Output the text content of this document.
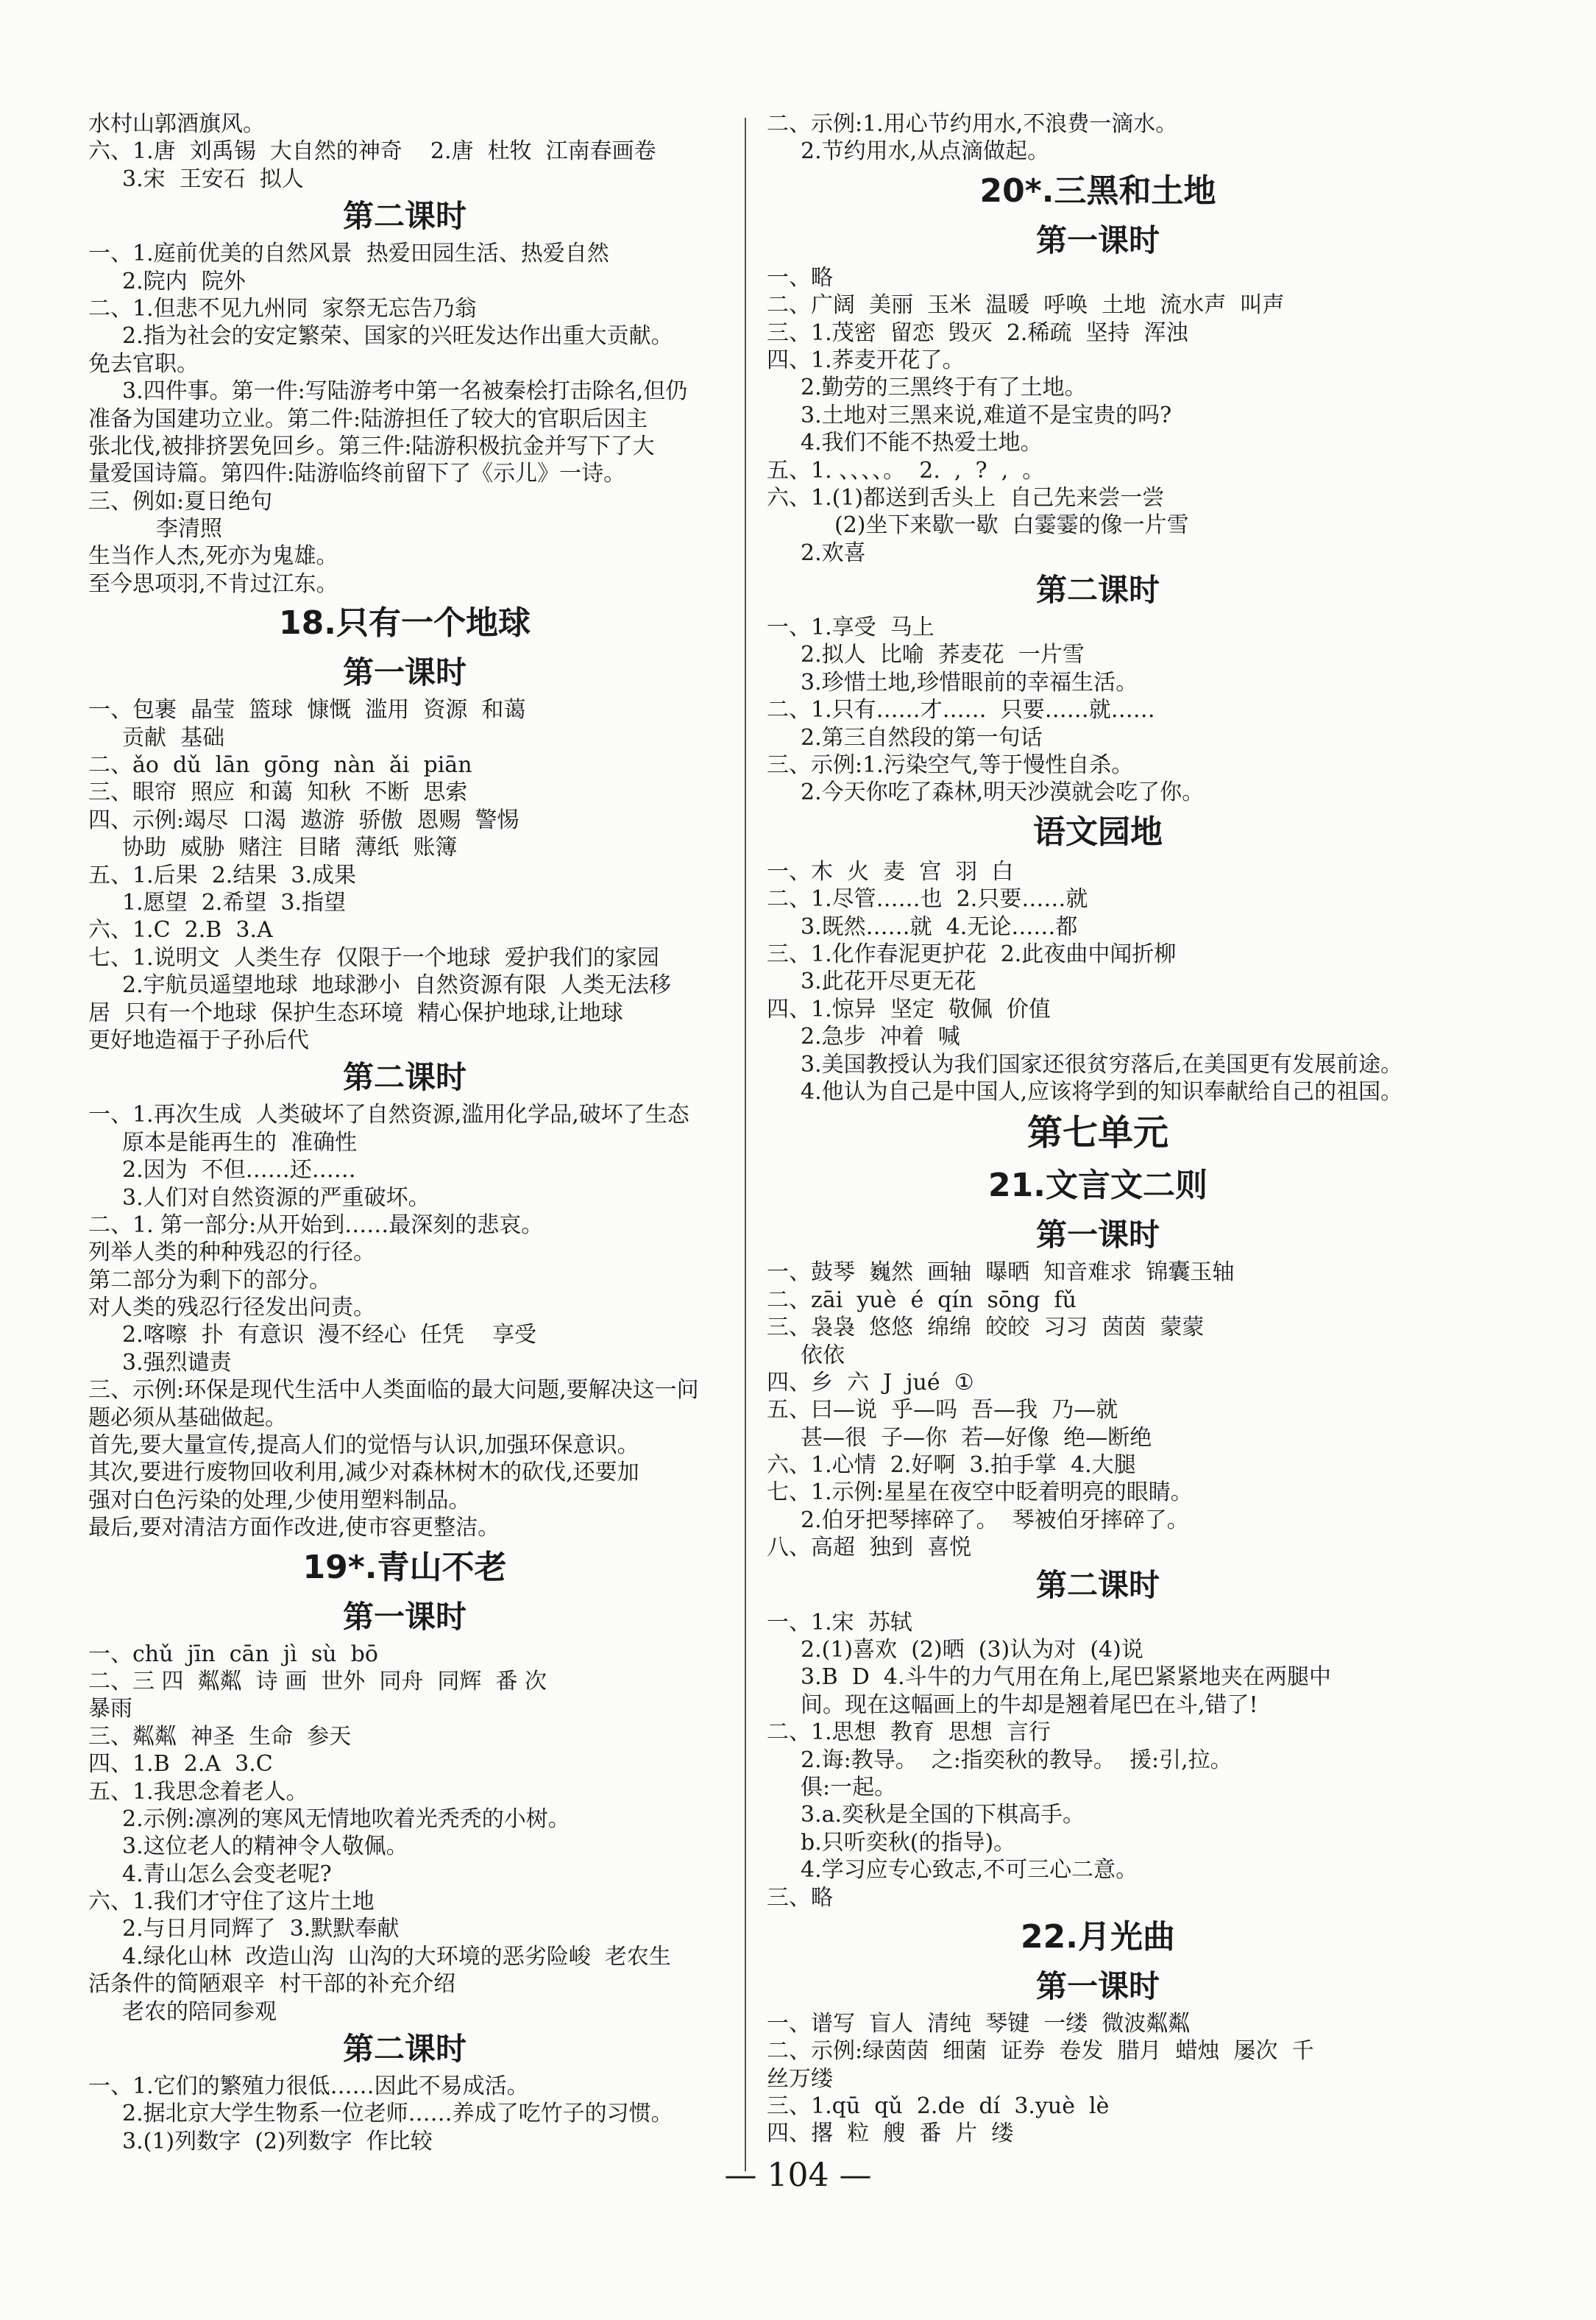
水村山郭酒旗风。
六、1.唐  刘禹锡  大自然的神奇    2.唐  杜牧  江南春画卷
3.宋  王安石  拟人
第二课时
一、1.庭前优美的自然风景  热爱田园生活、热爱自然
2.院内  院外
二、1.但悲不见九州同  家祭无忘告乃翁
2.指为社会的安定繁荣、国家的兴旺发达作出重大贡献。
免去官职。
3.四件事。第一件:写陆游考中第一名被秦桧打击除名,但仍
准备为国建功立业。第二件:陆游担任了较大的官职后因主
张北伐,被排挤罢免回乡。第三件:陆游积极抗金并写下了大
量爱国诗篇。第四件:陆游临终前留下了《示儿》一诗。
三、例如:夏日绝句
李清照
生当作人杰,死亦为鬼雄。
至今思项羽,不肯过江东。
18.只有一个地球
第一课时
一、包裹  晶莹  篮球  慷慨  滥用  资源  和蔼
贡献  基础
二、ǎo  dǔ  lān  gōng  nàn  ǎi  piān
三、眼帘  照应  和蔼  知秋  不断  思索
四、示例:竭尽  口渴  遨游  骄傲  恩赐  警惕
协助  威胁  赌注  目睹  薄纸  账簿
五、1.后果  2.结果  3.成果
1.愿望  2.希望  3.指望
六、1.C  2.B  3.A
七、1.说明文  人类生存  仅限于一个地球  爱护我们的家园
2.宇航员遥望地球  地球渺小  自然资源有限  人类无法移
居  只有一个地球  保护生态环境  精心保护地球,让地球
更好地造福于子孙后代
第二课时
一、1.再次生成  人类破坏了自然资源,滥用化学品,破坏了生态
原本是能再生的  准确性
2.因为  不但……还……
3.人们对自然资源的严重破坏。
二、1. 第一部分:从开始到……最深刻的悲哀。
列举人类的种种残忍的行径。
第二部分为剩下的部分。
对人类的残忍行径发出问责。
2.喀嚓  扑  有意识  漫不经心  任凭    享受
3.强烈谴责
三、示例:环保是现代生活中人类面临的最大问题,要解决这一问
题必须从基础做起。
首先,要大量宣传,提高人们的觉悟与认识,加强环保意识。
其次,要进行废物回收利用,减少对森林树木的砍伐,还要加
强对白色污染的处理,少使用塑料制品。
最后,要对清洁方面作改进,使市容更整洁。
19*.青山不老
第一课时
一、chǔ  jīn  cān  jì  sù  bō
二、三 四  粼粼  诗 画  世外  同舟  同辉  番 次
暴雨
三、粼粼  神圣  生命  参天
四、1.B  2.A  3.C
五、1.我思念着老人。
2.示例:凛冽的寒风无情地吹着光秃秃的小树。
3.这位老人的精神令人敬佩。
4.青山怎么会变老呢?
六、1.我们才守住了这片土地
2.与日月同辉了  3.默默奉献
4.绿化山林  改造山沟  山沟的大环境的恶劣险峻  老农生
活条件的简陋艰辛  村干部的补充介绍
老农的陪同参观
第二课时
一、1.它们的繁殖力很低……因此不易成活。
2.据北京大学生物系一位老师……养成了吃竹子的习惯。
3.(1)列数字  (2)列数字  作比较
二、示例:1.用心节约用水,不浪费一滴水。
2.节约用水,从点滴做起。
20*.三黑和土地
第一课时
一、略
二、广阔  美丽  玉米  温暖  呼唤  土地  流水声  叫声
三、1.茂密  留恋  毁灭  2.稀疏  坚持  浑浊
四、1.荞麦开花了。
2.勤劳的三黑终于有了土地。
3.土地对三黑来说,难道不是宝贵的吗?
4.我们不能不热爱土地。
五、1. 、、、、。  2.  ,  ?  ,  。
六、1.(1)都送到舌头上  自己先来尝一尝
(2)坐下来歇一歇  白霎霎的像一片雪
2.欢喜
第二课时
一、1.享受  马上
2.拟人  比喻  荞麦花  一片雪
3.珍惜土地,珍惜眼前的幸福生活。
二、1.只有……才……  只要……就……
2.第三自然段的第一句话
三、示例:1.污染空气,等于慢性自杀。
2.今天你吃了森林,明天沙漠就会吃了你。
语文园地
一、木  火  麦  宫  羽  白
二、1.尽管……也  2.只要……就
3.既然……就  4.无论……都
三、1.化作春泥更护花  2.此夜曲中闻折柳
3.此花开尽更无花
四、1.惊异  坚定  敬佩  价值
2.急步  冲着  喊
3.美国教授认为我们国家还很贫穷落后,在美国更有发展前途。
4.他认为自己是中国人,应该将学到的知识奉献给自己的祖国。
第七单元
21.文言文二则
第一课时
一、鼓琴  巍然  画轴  曝晒  知音难求  锦囊玉轴
二、zāi  yuè  é  qín  sōng  fǔ
三、袅袅  悠悠  绵绵  皎皎  习习  茵茵  蒙蒙
依依
四、乡  六  J  jué  ①
五、曰—说  乎—吗  吾—我  乃—就
甚—很  子—你  若—好像  绝—断绝
六、1.心情  2.好啊  3.拍手掌  4.大腿
七、1.示例:星星在夜空中眨着明亮的眼睛。
2.伯牙把琴摔碎了。  琴被伯牙摔碎了。
八、高超  独到  喜悦
第二课时
一、1.宋  苏轼
2.(1)喜欢  (2)晒  (3)认为对  (4)说
3.B  D  4.斗牛的力气用在角上,尾巴紧紧地夹在两腿中
间。现在这幅画上的牛却是翘着尾巴在斗,错了!
二、1.思想  教育  思想  言行
2.诲:教导。  之:指奕秋的教导。  援:引,拉。
俱:一起。
3.a.奕秋是全国的下棋高手。
b.只听奕秋(的指导)。
4.学习应专心致志,不可三心二意。
三、略
22.月光曲
第一课时
一、谱写  盲人  清纯  琴键  一缕  微波粼粼
二、示例:绿茵茵  细菌  证券  卷发  腊月  蜡烛  屡次  千
丝万缕
三、1.qū  qǔ  2.de  dí  3.yuè  lè
四、撂  粒  艘  番  片  缕
— 104 —
